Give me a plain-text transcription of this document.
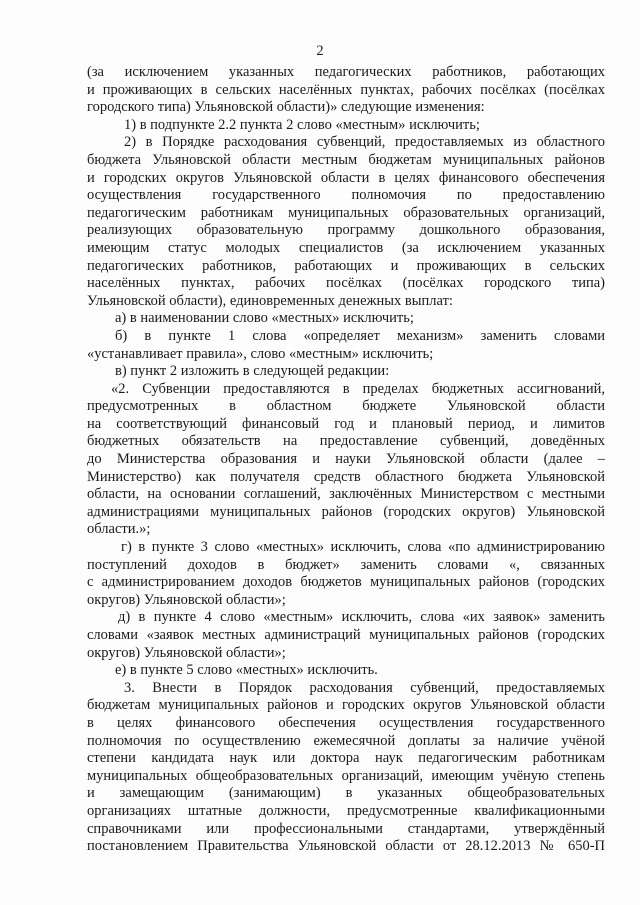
2
(за исключением указанных педагогических работников, работающих
и проживающих в сельских населённых пунктах, рабочих посёлках (посёлках
городского типа) Ульяновской области)» следующие изменения:
1) в подпункте 2.2 пункта 2 слово «местным» исключить;
2) в Порядке расходования субвенций, предоставляемых из областного
бюджета Ульяновской области местным бюджетам муниципальных районов
и городских округов Ульяновской области в целях финансового обеспечения
осуществления государственного полномочия по предоставлению
педагогическим работникам муниципальных образовательных организаций,
реализующих образовательную программу дошкольного образования,
имеющим статус молодых специалистов (за исключением указанных
педагогических работников, работающих и проживающих в сельских
населённых пунктах, рабочих посёлках (посёлках городского типа)
Ульяновской области), единовременных денежных выплат:
а) в наименовании слово «местных» исключить;
б) в пункте 1 слова «определяет механизм» заменить словами
«устанавливает правила», слово «местным» исключить;
в) пункт 2 изложить в следующей редакции:
«2. Субвенции предоставляются в пределах бюджетных ассигнований,
предусмотренных в областном бюджете Ульяновской области
на соответствующий финансовый год и плановый период, и лимитов
бюджетных обязательств на предоставление субвенций, доведённых
до Министерства образования и науки Ульяновской области (далее –
Министерство) как получателя средств областного бюджета Ульяновской
области, на основании соглашений, заключённых Министерством с местными
администрациями муниципальных районов (городских округов) Ульяновской
области.»;
г) в пункте 3 слово «местных» исключить, слова «по администрированию
поступлений доходов в бюджет» заменить словами «, связанных
с администрированием доходов бюджетов муниципальных районов (городских
округов) Ульяновской области»;
д) в пункте 4 слово «местным» исключить, слова «их заявок» заменить
словами «заявок местных администраций муниципальных районов (городских
округов) Ульяновской области»;
е) в пункте 5 слово «местных» исключить.
3. Внести в Порядок расходования субвенций, предоставляемых
бюджетам муниципальных районов и городских округов Ульяновской области
в целях финансового обеспечения осуществления государственного
полномочия по осуществлению ежемесячной доплаты за наличие учёной
степени кандидата наук или доктора наук педагогическим работникам
муниципальных общеобразовательных организаций, имеющим учёную степень
и замещающим (занимающим) в указанных общеобразовательных
организациях штатные должности, предусмотренные квалификационными
справочниками или профессиональными стандартами, утверждённый
постановлением Правительства Ульяновской области от 28.12.2013 № 650-П
